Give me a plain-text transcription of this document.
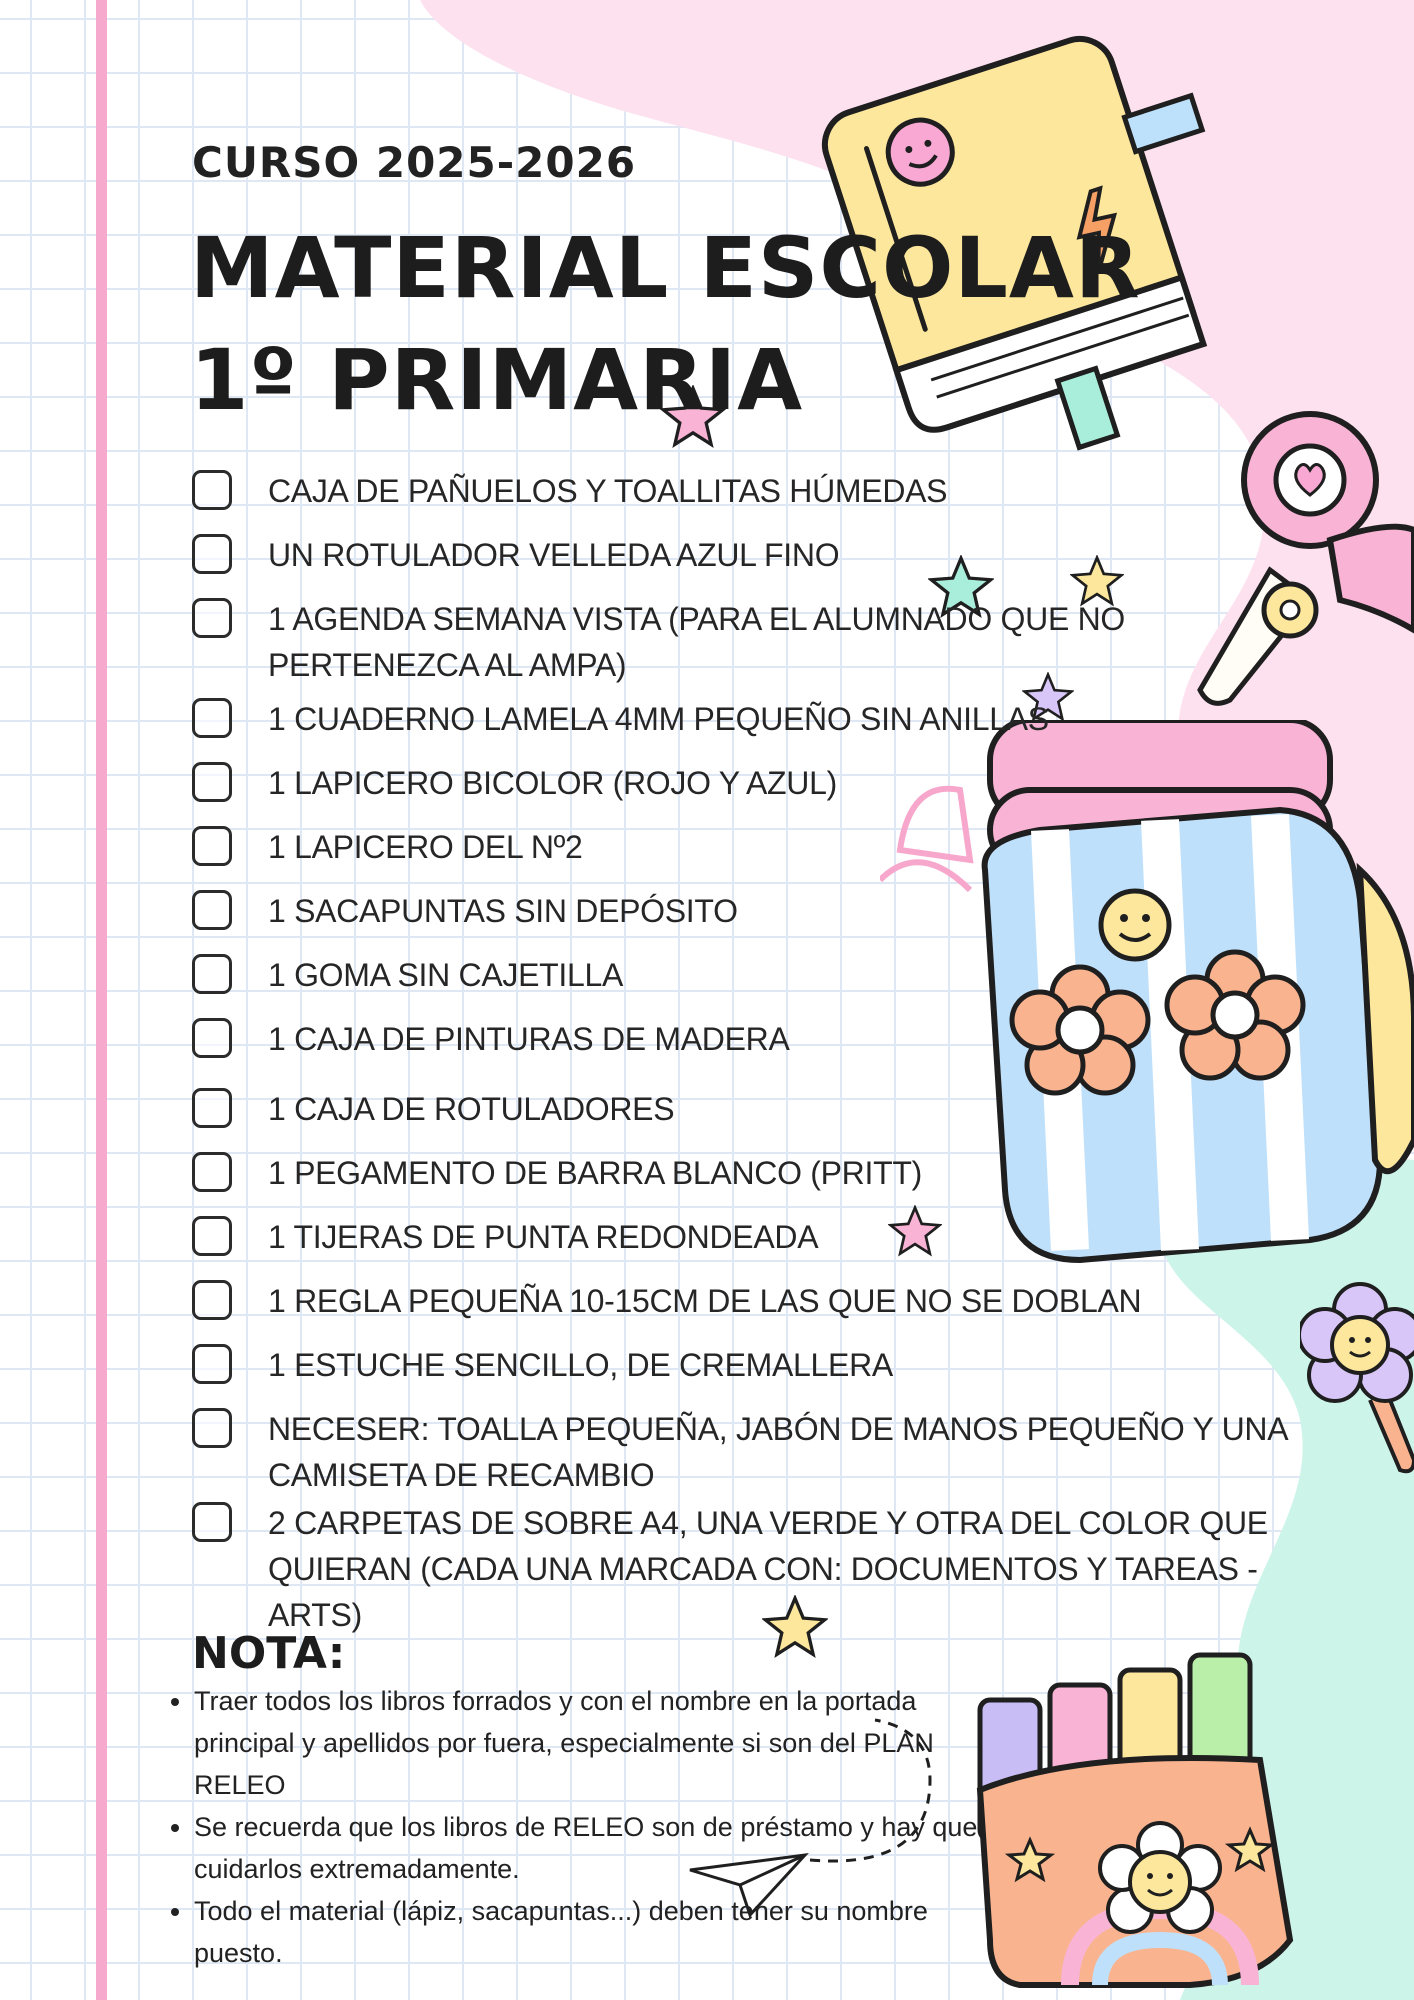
CURSO 2025-2026
MATERIAL ESCOLAR
1º PRIMARIA
CAJA DE PAÑUELOS Y TOALLITAS HÚMEDAS
UN ROTULADOR VELLEDA AZUL FINO
1 AGENDA SEMANA VISTA (PARA EL ALUMNADO QUE NO PERTENEZCA AL AMPA)
1 CUADERNO LAMELA 4MM PEQUEÑO SIN ANILLAS
1 LAPICERO BICOLOR (ROJO Y AZUL)
1 LAPICERO DEL Nº2
1 SACAPUNTAS SIN DEPÓSITO
1 GOMA SIN CAJETILLA
1 CAJA DE PINTURAS DE MADERA
1 CAJA DE ROTULADORES
1 PEGAMENTO DE BARRA BLANCO (PRITT)
1 TIJERAS DE PUNTA REDONDEADA
1 REGLA PEQUEÑA 10-15CM DE LAS QUE NO SE DOBLAN
1 ESTUCHE SENCILLO, DE CREMALLERA
NECESER: TOALLA PEQUEÑA, JABÓN DE MANOS PEQUEÑO Y UNA CAMISETA DE RECAMBIO
2 CARPETAS DE SOBRE A4, UNA VERDE Y OTRA DEL COLOR QUE QUIERAN (CADA UNA MARCADA CON: DOCUMENTOS Y TAREAS - ARTS)
NOTA:
• Traer todos los libros forrados y con el nombre en la portada principal y apellidos por fuera, especialmente si son del PLAN RELEO
• Se recuerda que los libros de RELEO son de préstamo y hay que cuidarlos extremadamente.
• Todo el material (lápiz, sacapuntas...) deben tener su nombre puesto.
